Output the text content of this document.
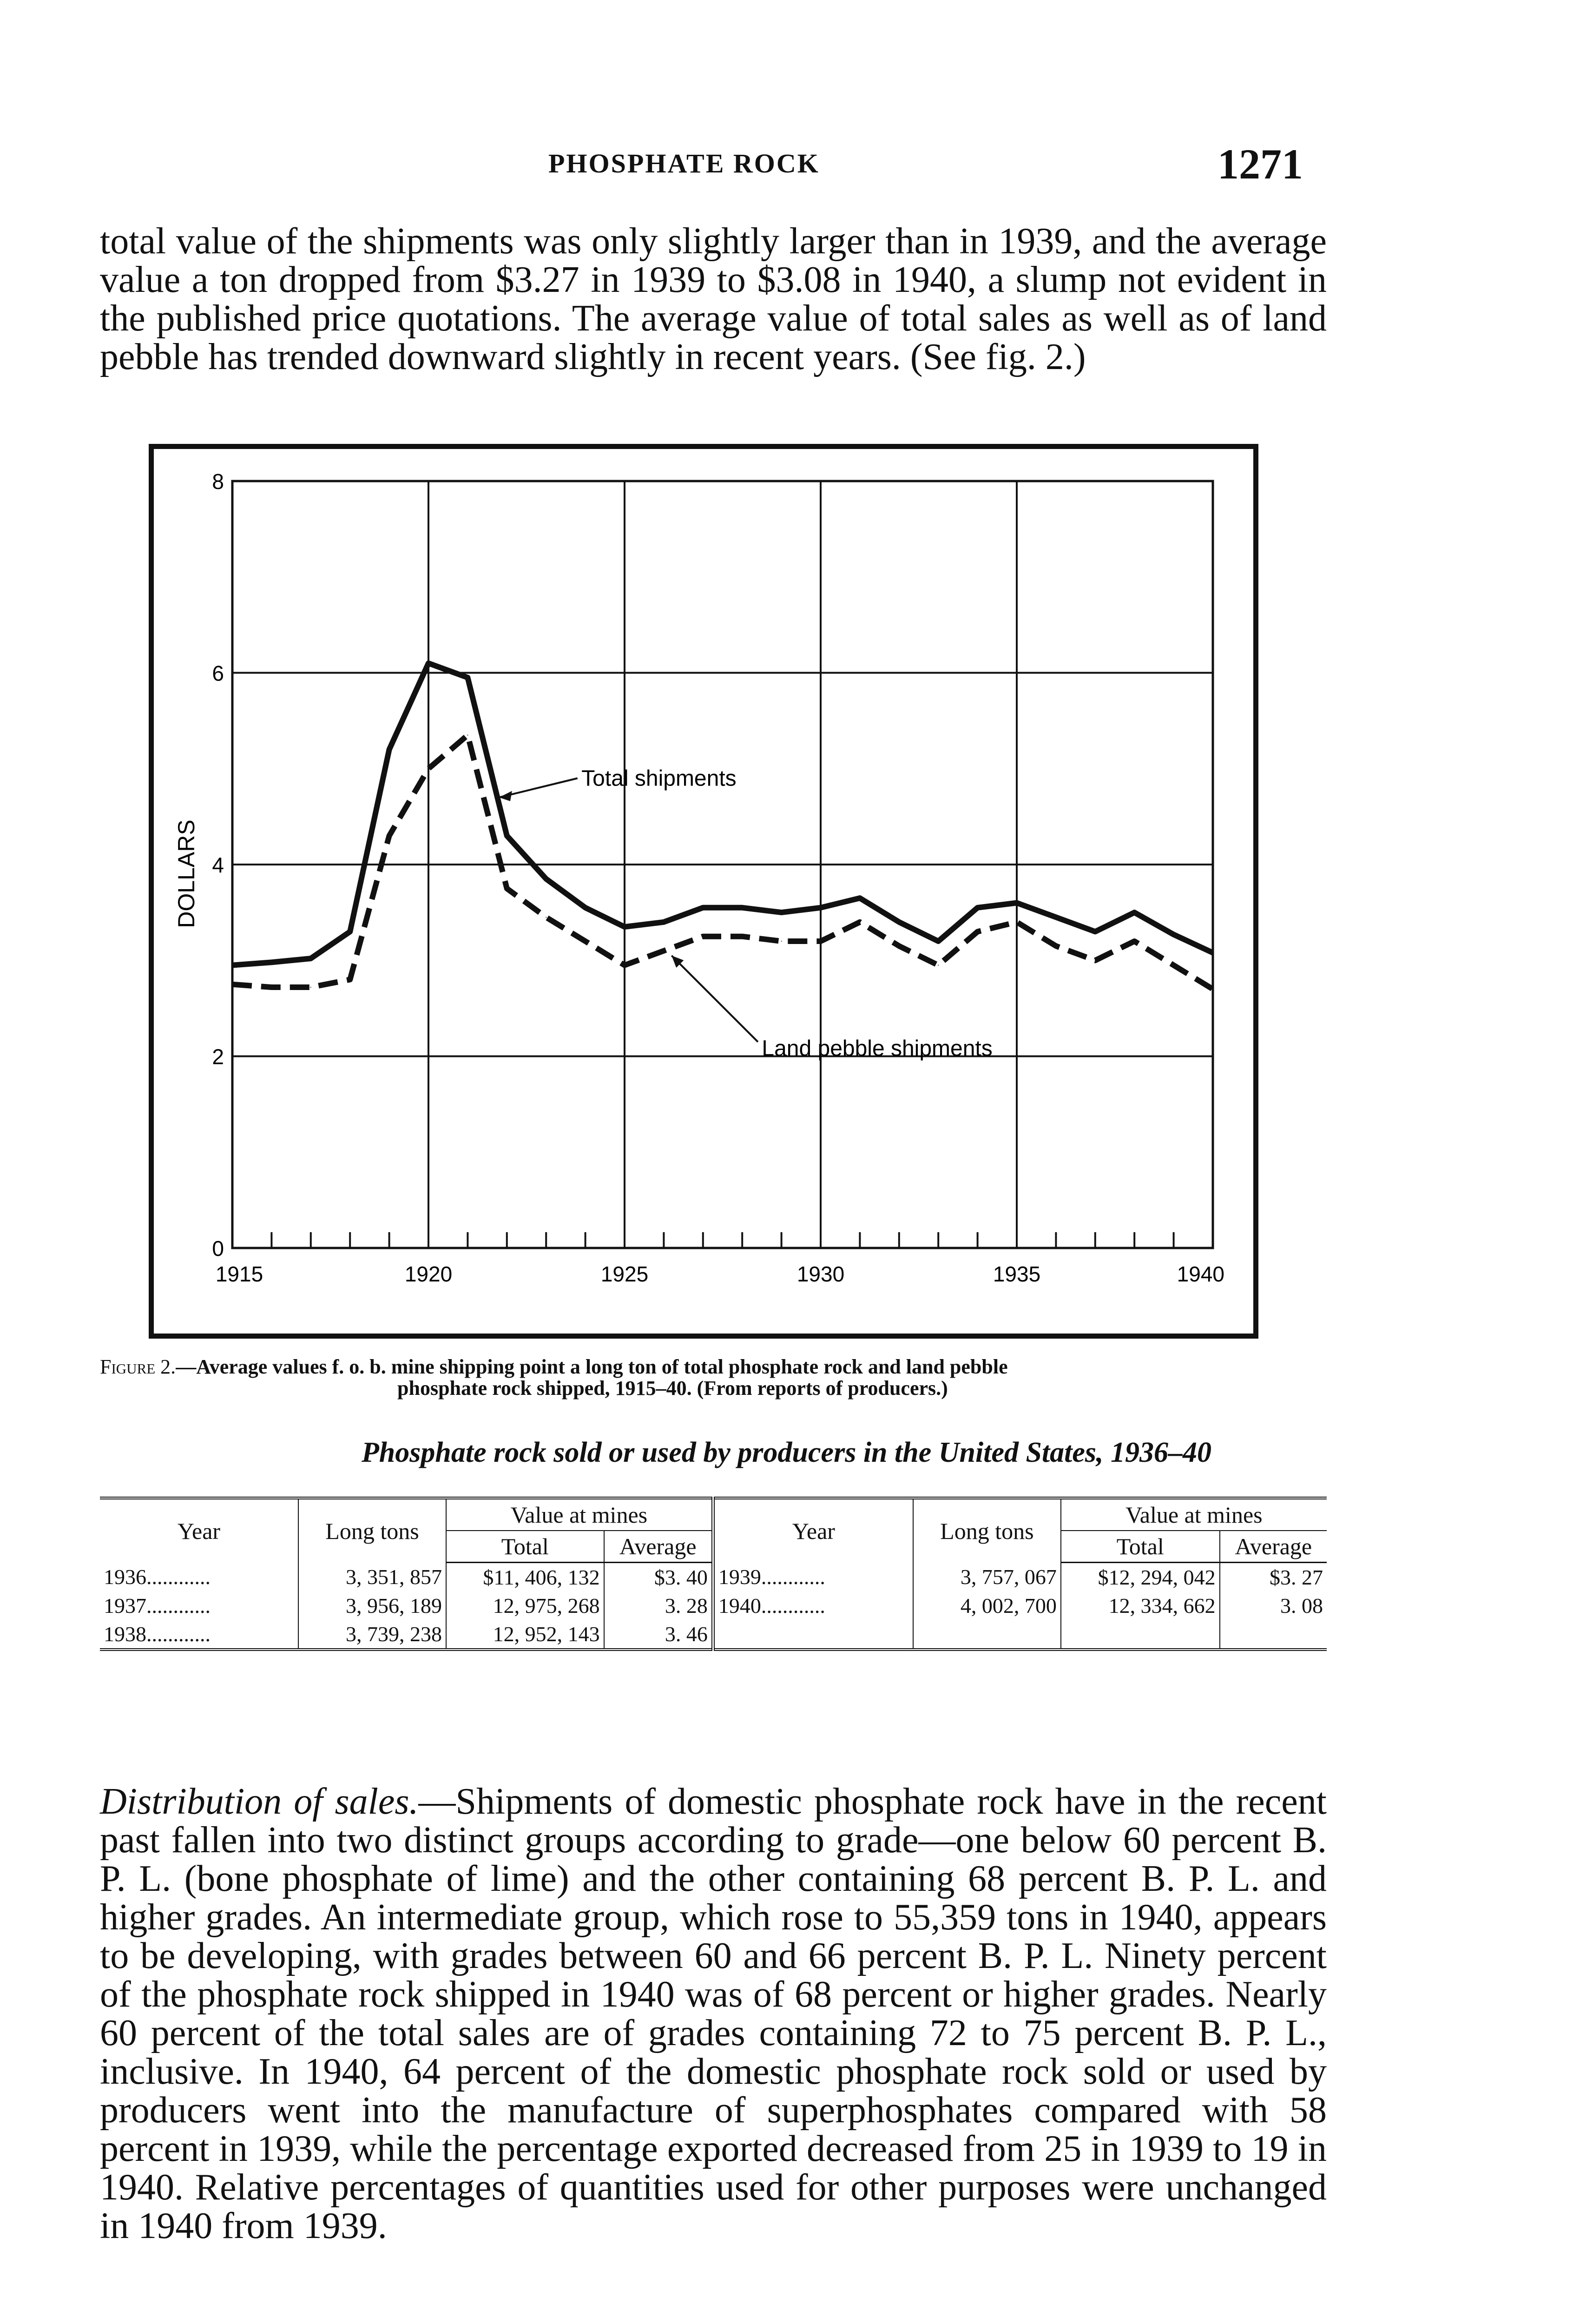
PHOSPHATE ROCK	1271

total value of the shipments was only slightly larger than in 1939, and the average value a ton dropped from $3.27 in 1939 to $3.08 in 1940, a slump not evident in the published price quotations. The average value of total sales as well as of land pebble has trended downward slightly in recent years. (See fig. 2.)

0
2
4
6
8
1915	1920	1925	1930	1935	1940
DOLLARS
Total shipments
Land pebble shipments
Figure 2.—Average values f. o. b. mine shipping point a long ton of total phosphate rock and land pebble
phosphate rock shipped, 1915–40. (From reports of producers.)
Phosphate rock sold or used by producers in the United States, 1936–40
Year	Long tons	Value at mines		Year	Long tons	Value at mines	
		Total	Average			Total	Average
1936............	3, 351, 857	$11, 406, 132	$3. 40	1939............	3, 757, 067	$12, 294, 042	$3. 27
1937............	3, 956, 189	12, 975, 268	3. 28	1940............	4, 002, 700	12, 334, 662	3. 08
1938............	3, 739, 238	12, 952, 143	3. 46				

Distribution of sales.—Shipments of domestic phosphate rock have in the recent past fallen into two distinct groups according to grade—one below 60 percent B. P. L. (bone phosphate of lime) and the other containing 68 percent B. P. L. and higher grades. An intermediate group, which rose to 55,359 tons in 1940, appears to be developing, with grades between 60 and 66 percent B. P. L. Ninety percent of the phosphate rock shipped in 1940 was of 68 percent or higher grades. Nearly 60 percent of the total sales are of grades containing 72 to 75 percent B. P. L., inclusive. In 1940, 64 percent of the domestic phosphate rock sold or used by producers went into the manufacture of superphosphates compared with 58 percent in 1939, while the percentage exported decreased from 25 in 1939 to 19 in 1940. Relative percentages of quantities used for other purposes were unchanged in 1940 from 1939.
